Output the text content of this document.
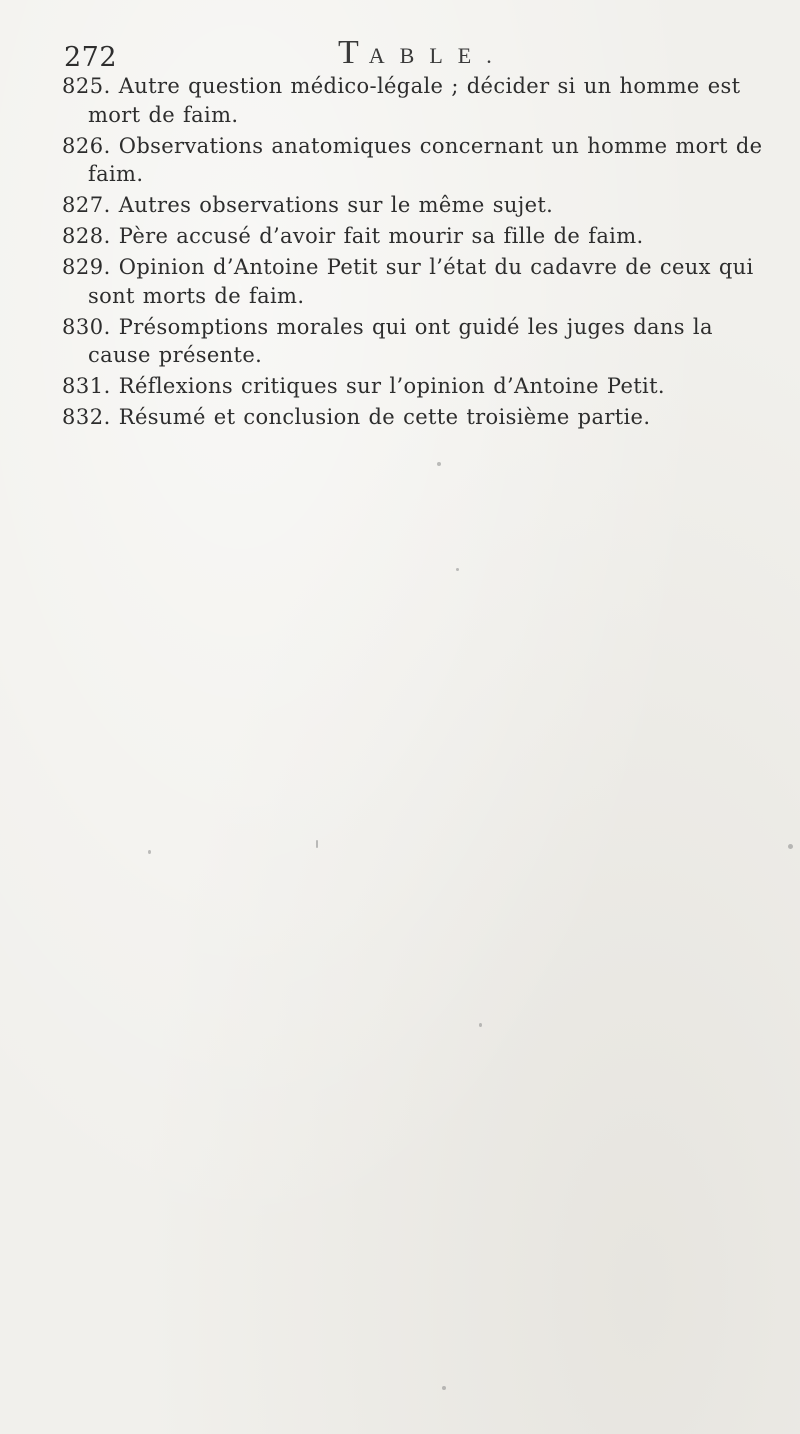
272	TABLE.

825. Autre question médico-légale ; décider si un homme est mort de faim.

826. Observations anatomiques concernant un homme mort de faim.

827. Autres observations sur le même sujet.

828. Père accusé d’avoir fait mourir sa fille de faim.

829. Opinion d’Antoine Petit sur l’état du cadavre de ceux qui sont morts de faim.

830. Présomptions morales qui ont guidé les juges dans la cause présente.

831. Réflexions critiques sur l’opinion d’Antoine Petit.

832. Résumé et conclusion de cette troisième partie.
